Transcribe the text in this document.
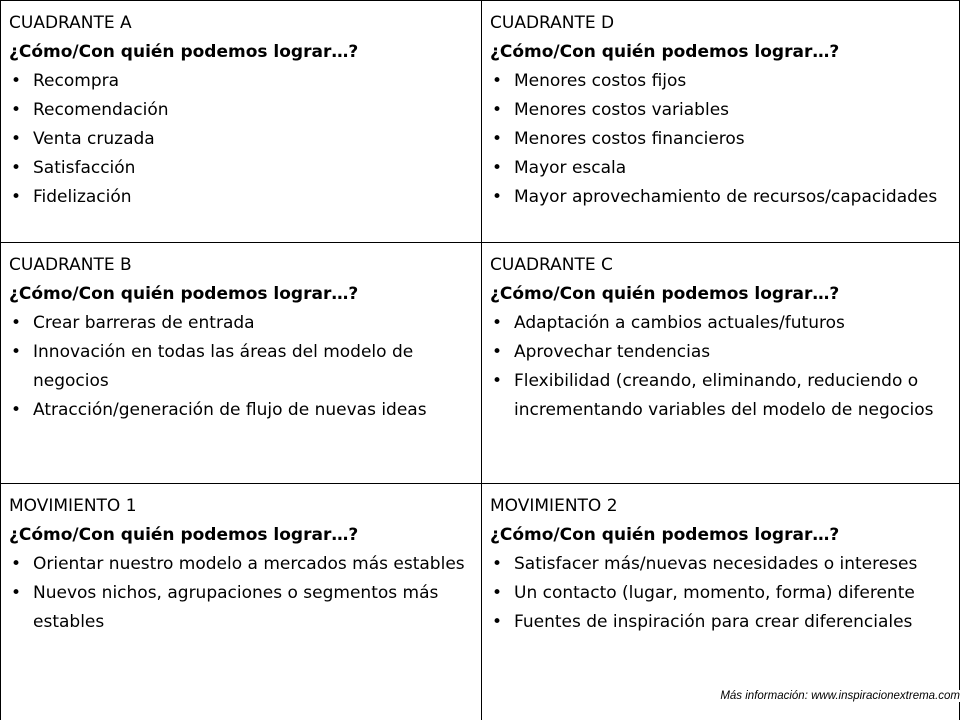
CUADRANTE A
¿Cómo/Con quién podemos lograr…?
• Recompra
• Recomendación
• Venta cruzada
• Satisfacción
• Fidelización
CUADRANTE D
¿Cómo/Con quién podemos lograr…?
• Menores costos fijos
• Menores costos variables
• Menores costos financieros
• Mayor escala
• Mayor aprovechamiento de recursos/capacidades
CUADRANTE B
¿Cómo/Con quién podemos lograr…?
• Crear barreras de entrada
• Innovación en todas las áreas del modelo de negocios
• Atracción/generación de flujo de nuevas ideas
CUADRANTE C
¿Cómo/Con quién podemos lograr…?
• Adaptación a cambios actuales/futuros
• Aprovechar tendencias
• Flexibilidad (creando, eliminando, reduciendo o incrementando variables del modelo de negocios
MOVIMIENTO 1
¿Cómo/Con quién podemos lograr…?
• Orientar nuestro modelo a mercados más estables
• Nuevos nichos, agrupaciones o segmentos más estables
MOVIMIENTO 2
¿Cómo/Con quién podemos lograr…?
• Satisfacer más/nuevas necesidades o intereses
• Un contacto (lugar, momento, forma) diferente
• Fuentes de inspiración para crear diferenciales
Más información: www.inspiracionextrema.com
